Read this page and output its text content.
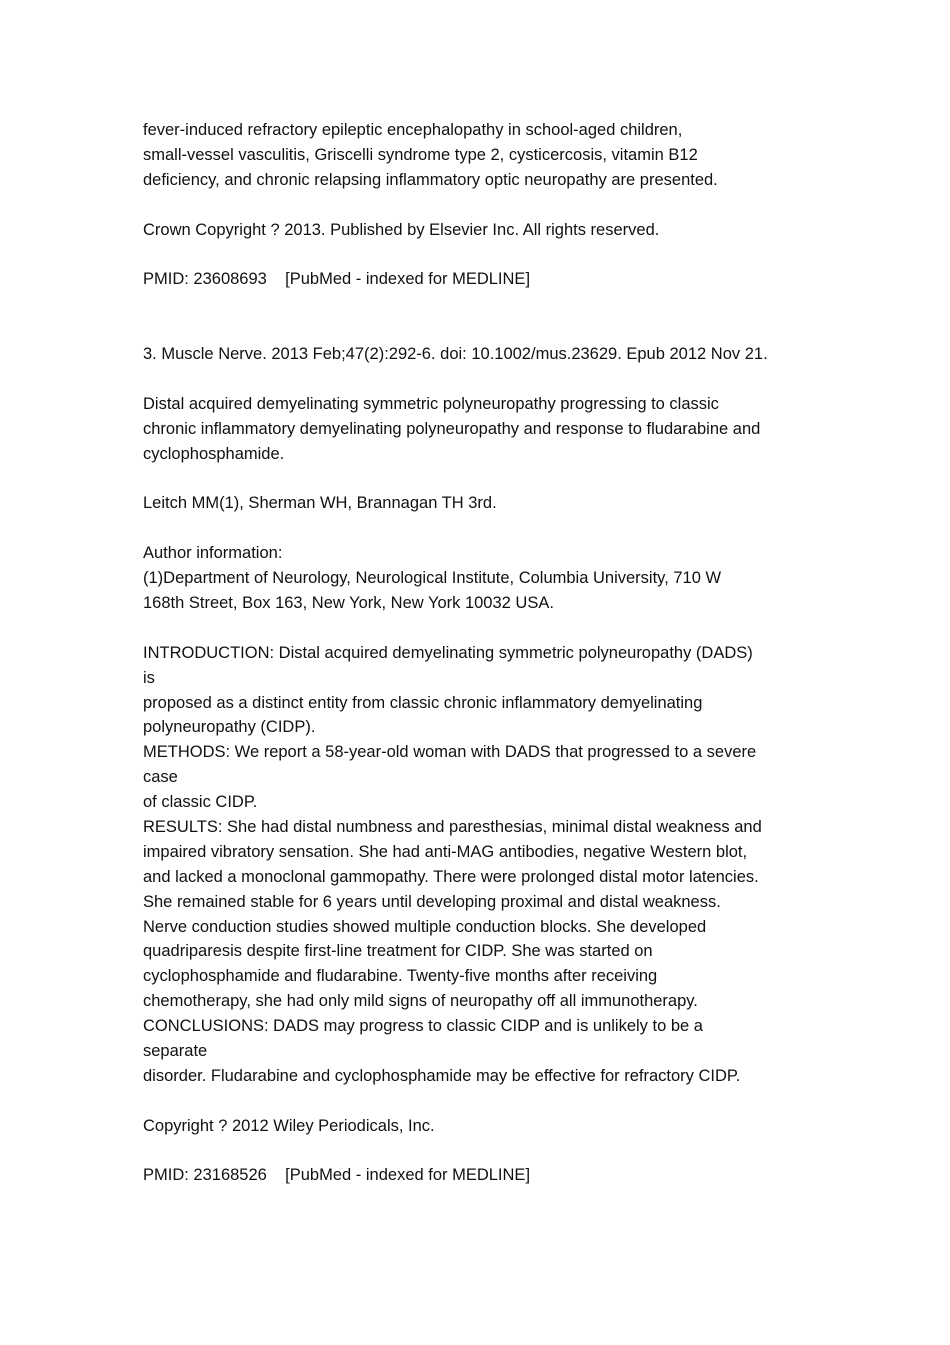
fever-induced refractory epileptic encephalopathy in school-aged children,
small-vessel vasculitis, Griscelli syndrome type 2, cysticercosis, vitamin B12
deficiency, and chronic relapsing inflammatory optic neuropathy are presented.
Crown Copyright ? 2013. Published by Elsevier Inc. All rights reserved.
PMID: 23608693    [PubMed - indexed for MEDLINE]
3. Muscle Nerve. 2013 Feb;47(2):292-6. doi: 10.1002/mus.23629. Epub 2012 Nov 21.
Distal acquired demyelinating symmetric polyneuropathy progressing to classic
chronic inflammatory demyelinating polyneuropathy and response to fludarabine and
cyclophosphamide.
Leitch MM(1), Sherman WH, Brannagan TH 3rd.
Author information:
(1)Department of Neurology, Neurological Institute, Columbia University, 710 W
168th Street, Box 163, New York, New York 10032 USA.
INTRODUCTION: Distal acquired demyelinating symmetric polyneuropathy (DADS)
is
proposed as a distinct entity from classic chronic inflammatory demyelinating
polyneuropathy (CIDP).
METHODS: We report a 58-year-old woman with DADS that progressed to a severe
case
of classic CIDP.
RESULTS: She had distal numbness and paresthesias, minimal distal weakness and
impaired vibratory sensation. She had anti-MAG antibodies, negative Western blot,
and lacked a monoclonal gammopathy. There were prolonged distal motor latencies.
She remained stable for 6 years until developing proximal and distal weakness.
Nerve conduction studies showed multiple conduction blocks. She developed
quadriparesis despite first-line treatment for CIDP. She was started on
cyclophosphamide and fludarabine. Twenty-five months after receiving
chemotherapy, she had only mild signs of neuropathy off all immunotherapy.
CONCLUSIONS: DADS may progress to classic CIDP and is unlikely to be a
separate
disorder. Fludarabine and cyclophosphamide may be effective for refractory CIDP.
Copyright ? 2012 Wiley Periodicals, Inc.
PMID: 23168526    [PubMed - indexed for MEDLINE]
